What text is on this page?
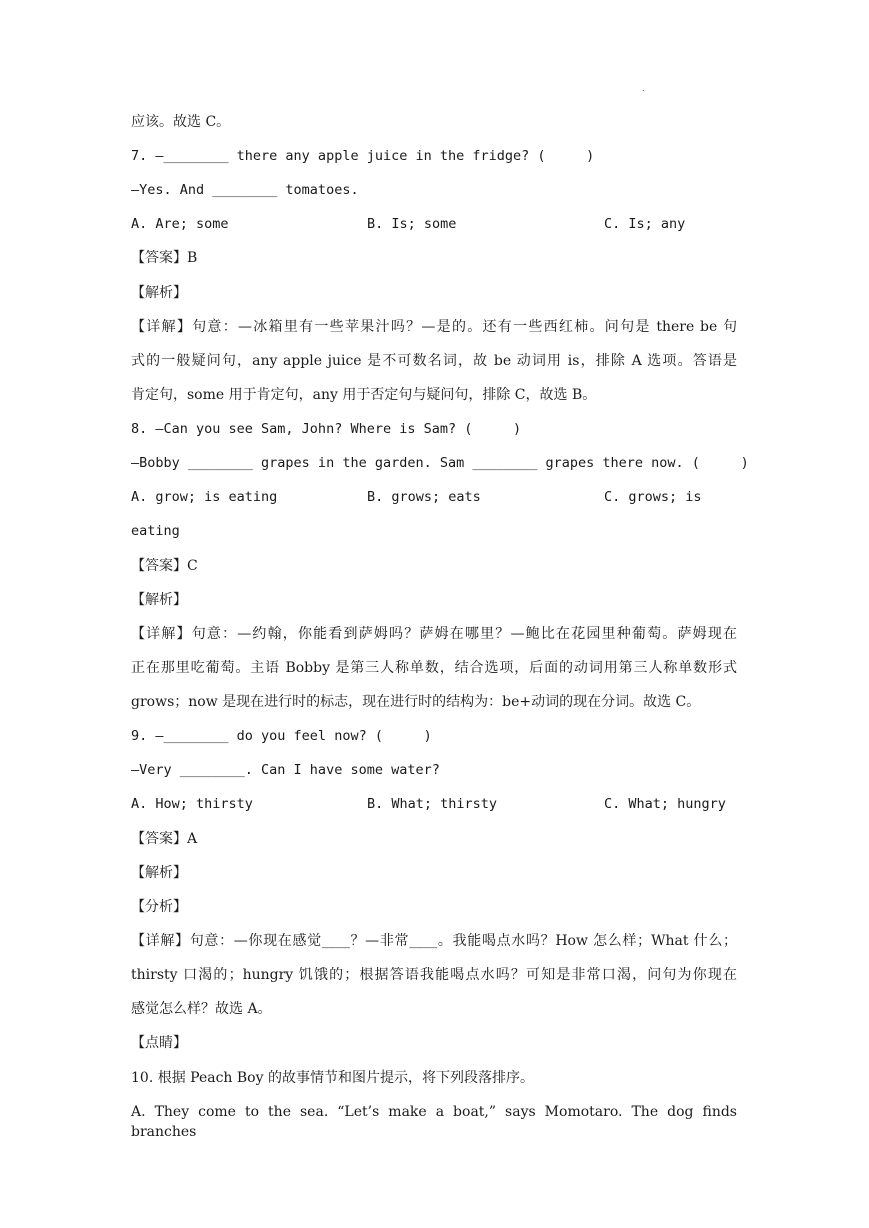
.
应该。故选 C。
7. —________ there any apple juice in the fridge? (     )
—Yes. And ________ tomatoes.
A. Are; some	B. Is; some	C. Is; any
【答案】B
【解析】
【详解】句意：—冰箱里有一些苹果汁吗？—是的。还有一些西红柿。问句是 there be 句
式的一般疑问句，any apple juice 是不可数名词，故 be 动词用 is，排除 A 选项。答语是
肯定句，some 用于肯定句，any 用于否定句与疑问句，排除 C，故选 B。
8. —Can you see Sam, John? Where is Sam? (     )
—Bobby ________ grapes in the garden. Sam ________ grapes there now. (     )
A. grow; is eating	B. grows; eats	C. grows; is
eating
【答案】C
【解析】
【详解】句意：—约翰，你能看到萨姆吗？萨姆在哪里？—鲍比在花园里种葡萄。萨姆现在
正在那里吃葡萄。主语 Bobby 是第三人称单数，结合选项，后面的动词用第三人称单数形式
grows；now 是现在进行时的标志，现在进行时的结构为：be+动词的现在分词。故选 C。
9. —________ do you feel now? (     )
—Very ________. Can I have some water?
A. How; thirsty	B. What; thirsty	C. What; hungry
【答案】A
【解析】
【分析】
【详解】句意：—你现在感觉____？—非常____。我能喝点水吗？How 怎么样；What 什么；
thirsty 口渴的；hungry 饥饿的；根据答语我能喝点水吗？可知是非常口渴，问句为你现在
感觉怎么样？故选 A。
【点睛】
10. 根据 Peach Boy 的故事情节和图片提示，将下列段落排序。
A. They come to the sea. “Let’s make a boat,” says Momotaro. The dog finds branches
